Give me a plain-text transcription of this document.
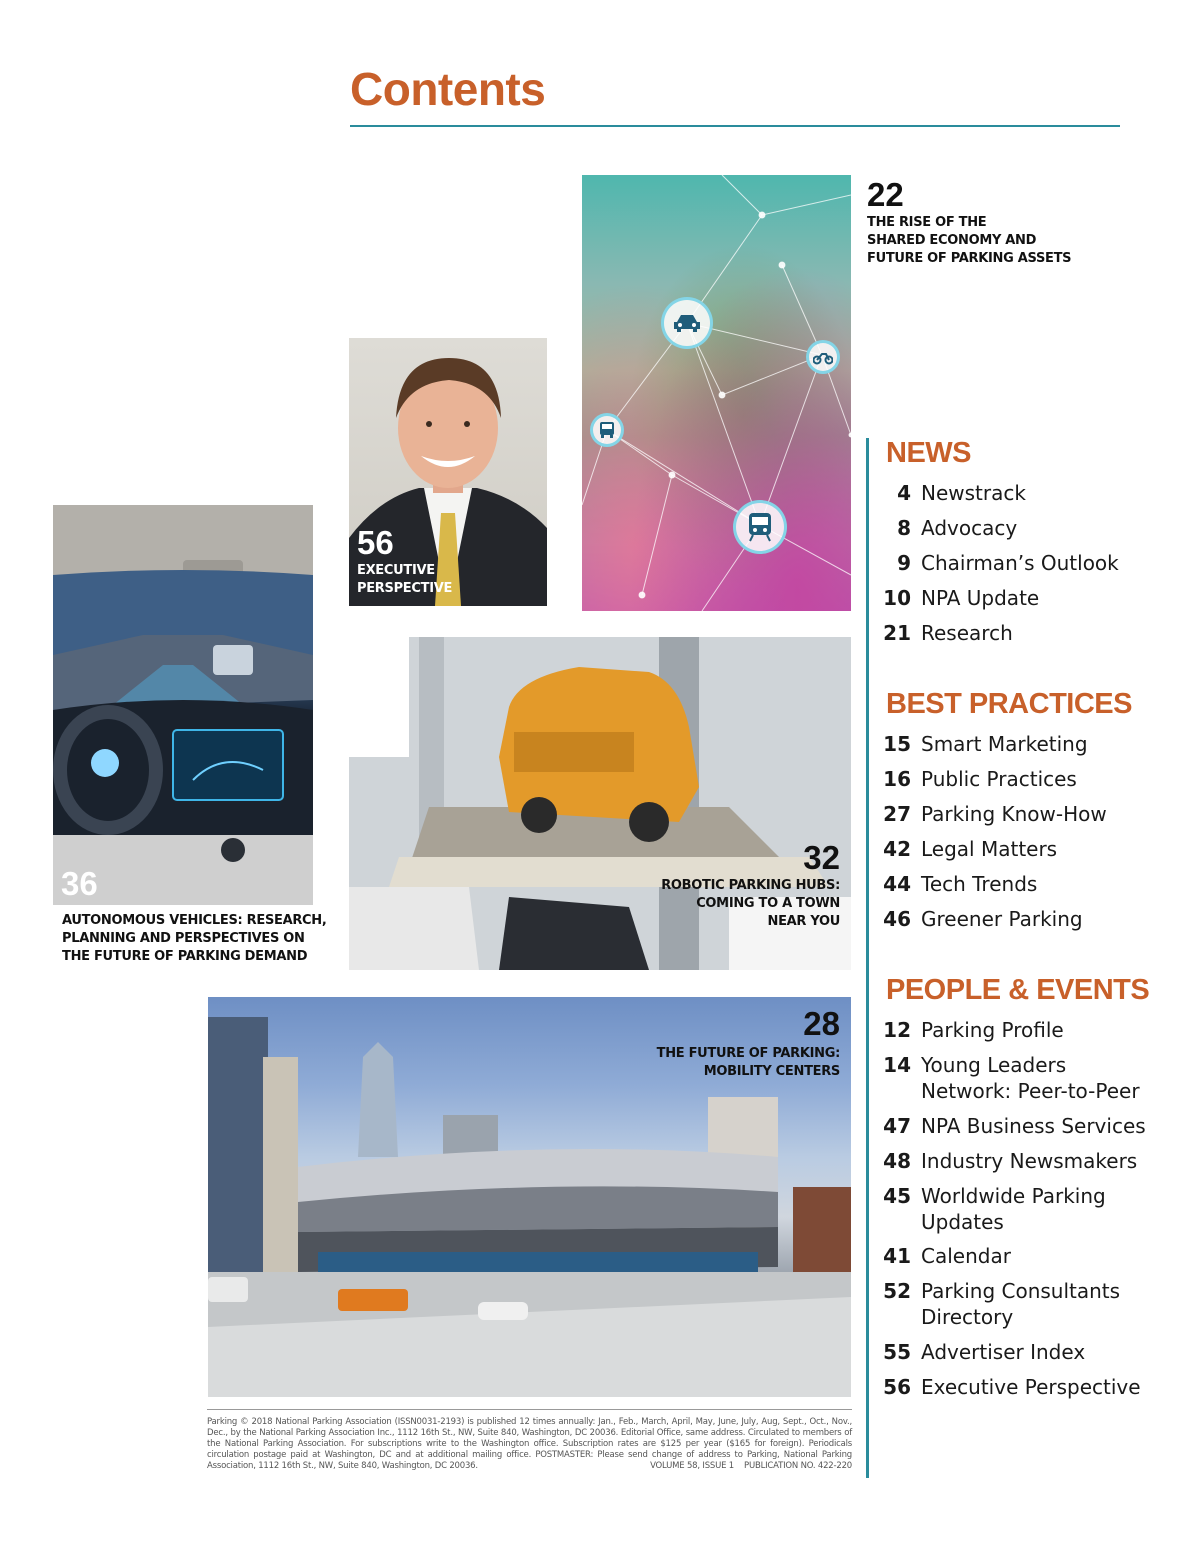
Contents
22
THE RISE OF THE
SHARED ECONOMY AND
FUTURE OF PARKING ASSETS
56
EXECUTIVE
PERSPECTIVE
36
AUTONOMOUS VEHICLES: RESEARCH,
PLANNING AND PERSPECTIVES ON
THE FUTURE OF PARKING DEMAND
32
ROBOTIC PARKING HUBS:
COMING TO A TOWN
NEAR YOU
28
THE FUTURE OF PARKING:
MOBILITY CENTERS
NEWS
4 Newstrack
8 Advocacy
9 Chairman’s Outlook
10 NPA Update
21 Research
BEST PRACTICES
15 Smart Marketing
16 Public Practices
27 Parking Know-How
42 Legal Matters
44 Tech Trends
46 Greener Parking
PEOPLE & EVENTS
12 Parking Profile
14 Young Leaders Network: Peer-to-Peer
47 NPA Business Services
48 Industry Newsmakers
45 Worldwide Parking Updates
41 Calendar
52 Parking Consultants Directory
55 Advertiser Index
56 Executive Perspective
Parking © 2018 National Parking Association (ISSN0031-2193) is published 12 times annually: Jan., Feb., March, April, May, June, July, Aug, Sept., Oct., Nov., Dec., by the National Parking Association Inc., 1112 16th St., NW, Suite 840, Washington, DC 20036. Editorial Office, same address. Circulated to members of the National Parking Association. For subscriptions write to the Washington office. Subscription rates are $125 per year ($165 for foreign). Periodicals circulation postage paid at Washington, DC and at additional mailing office. POSTMASTER: Please send change of address to Parking, National Parking Association, 1112 16th St., NW, Suite 840, Washington, DC 20036.	VOLUME 58, ISSUE 1 PUBLICATION NO. 422-220
